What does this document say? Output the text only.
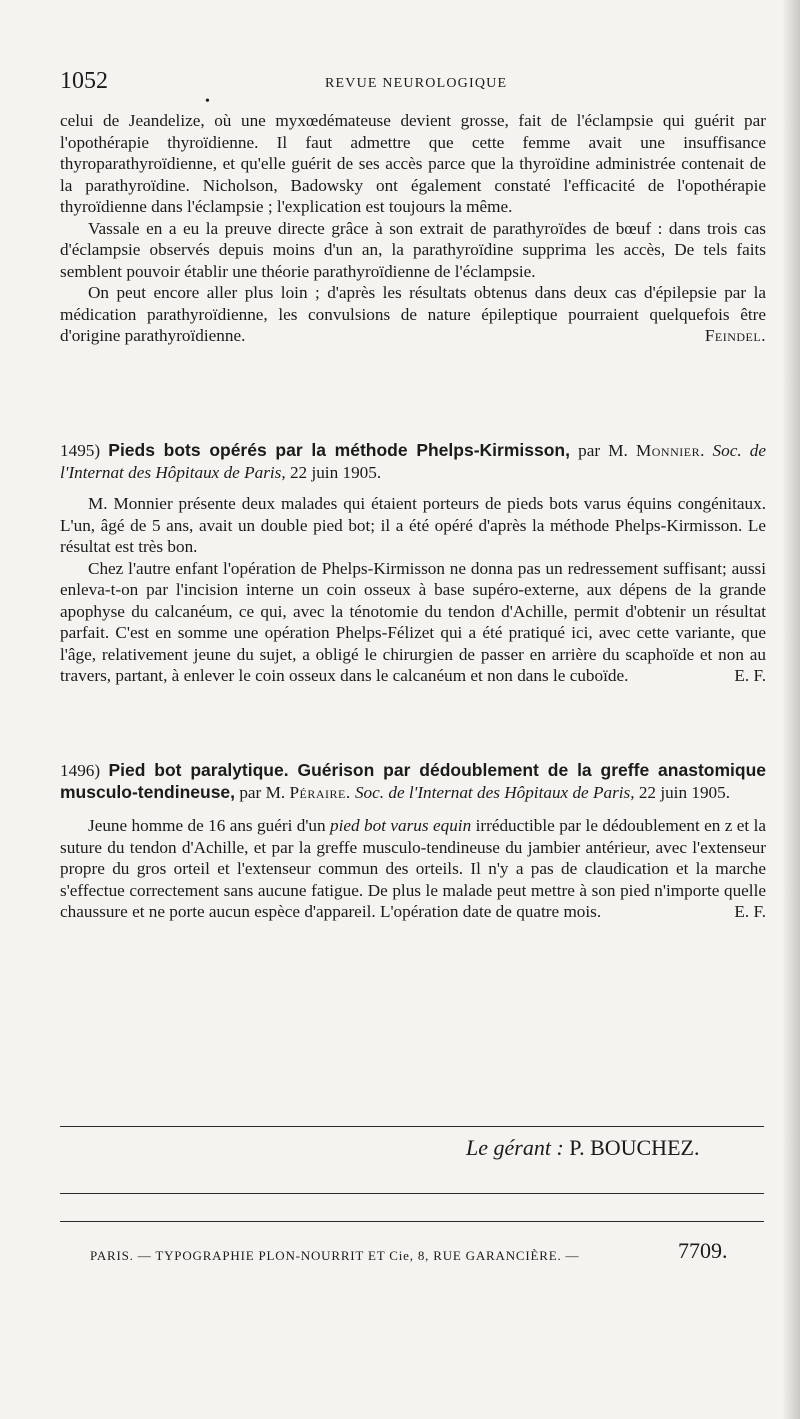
1052	REVUE NEUROLOGIQUE
•

celui de Jeandelize, où une myxœdémateuse devient grosse, fait de l'éclampsie qui guérit par l'opothérapie thyroïdienne. Il faut admettre que cette femme avait une insuffisance thyroparathyroïdienne, et qu'elle guérit de ses accès parce que la thyroïdine administrée contenait de la parathyroïdine. Nicholson, Badowsky ont également constaté l'efficacité de l'opothérapie thyroïdienne dans l'éclampsie ; l'explication est toujours la même.

Vassale en a eu la preuve directe grâce à son extrait de parathyroïdes de bœuf : dans trois cas d'éclampsie observés depuis moins d'un an, la parathyroïdine supprima les accès, De tels faits semblent pouvoir établir une théorie parathyroïdienne de l'éclampsie.

On peut encore aller plus loin ; d'après les résultats obtenus dans deux cas d'épilepsie par la médication parathyroïdienne, les convulsions de nature épileptique pourraient quelquefois être d'origine parathyroïdienne.	Feindel.

1495) Pieds bots opérés par la méthode Phelps-Kirmisson, par M. Monnier. Soc. de l'Internat des Hôpitaux de Paris, 22 juin 1905.

M. Monnier présente deux malades qui étaient porteurs de pieds bots varus équins congénitaux. L'un, âgé de 5 ans, avait un double pied bot; il a été opéré d'après la méthode Phelps-Kirmisson. Le résultat est très bon.

Chez l'autre enfant l'opération de Phelps-Kirmisson ne donna pas un redressement suffisant; aussi enleva-t-on par l'incision interne un coin osseux à base supéro-externe, aux dépens de la grande apophyse du calcanéum, ce qui, avec la ténotomie du tendon d'Achille, permit d'obtenir un résultat parfait. C'est en somme une opération Phelps-Félizet qui a été pratiqué ici, avec cette variante, que l'âge, relativement jeune du sujet, a obligé le chirurgien de passer en arrière du scaphoïde et non au travers, partant, à enlever le coin osseux dans le calcanéum et non dans le cuboïde.	E. F.

1496) Pied bot paralytique. Guérison par dédoublement de la greffe anastomique musculo-tendineuse, par M. Péraire. Soc. de l'Internat des Hôpitaux de Paris, 22 juin 1905.

Jeune homme de 16 ans guéri d'un pied bot varus equin irréductible par le dédoublement en z et la suture du tendon d'Achille, et par la greffe musculo-tendineuse du jambier antérieur, avec l'extenseur propre du gros orteil et l'extenseur commun des orteils. Il n'y a pas de claudication et la marche s'effectue correctement sans aucune fatigue. De plus le malade peut mettre à son pied n'importe quelle chaussure et ne porte aucun espèce d'appareil. L'opération date de quatre mois.	E. F.

Le gérant : P. BOUCHEZ.
PARIS. — TYPOGRAPHIE PLON-NOURRIT ET Cie, 8, RUE GARANCIÈRE. —	7709.
